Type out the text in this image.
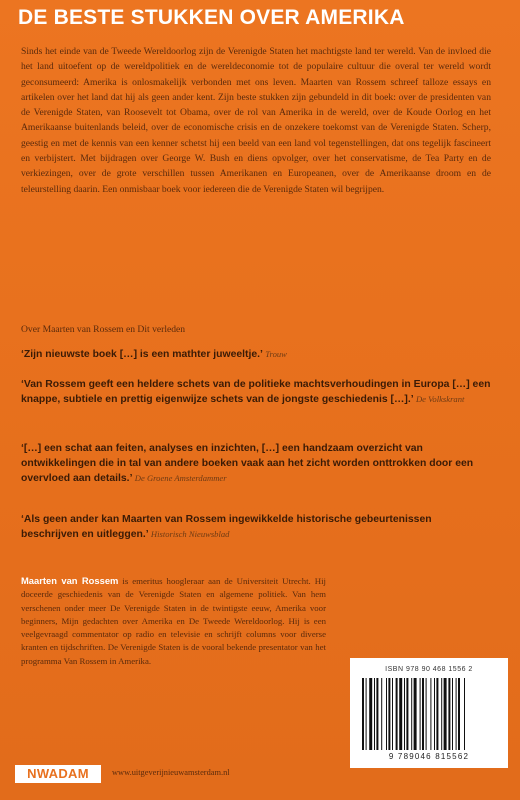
DE BESTE STUKKEN OVER AMERIKA

Sinds het einde van de Tweede Wereldoorlog zijn de Verenigde Staten het machtigste land ter wereld. Van de invloed die het land uitoefent op de wereldpolitiek en de wereldeconomie tot de populaire cultuur die overal ter wereld wordt geconsumeerd: Amerika is onlosmakelijk verbonden met ons leven. Maarten van Rossem schreef talloze essays en artikelen over het land dat hij als geen ander kent. Zijn beste stukken zijn gebundeld in dit boek: over de presidenten van de Verenigde Staten, van Roosevelt tot Obama, over de rol van Amerika in de wereld, over de Koude Oorlog en het Amerikaanse buitenlands beleid, over de economische crisis en de onzekere toekomst van de Verenigde Staten. Scherp, geestig en met de kennis van een kenner schetst hij een beeld van een land vol tegenstellingen, dat ons tegelijk fascineert en verbijstert. Met bijdragen over George W. Bush en diens opvolger, over het conservatisme, de Tea Party en de verkiezingen, over de grote verschillen tussen Amerikanen en Europeanen, over de Amerikaanse droom en de teleurstelling daarin. Een onmisbaar boek voor iedereen die de Verenigde Staten wil begrijpen.

Over Maarten van Rossem en Dit verleden

‘Zijn nieuwste boek […] is een mathter juweeltje.’ Trouw

‘Van Rossem geeft een heldere schets van de politieke machtsverhoudingen in Europa […] een knappe, subtiele en prettig eigenwijze schets van de jongste geschiedenis […].’ De Volkskrant

‘[…] een schat aan feiten, analyses en inzichten, […] een handzaam overzicht van ontwikkelingen die in tal van andere boeken vaak aan het zicht worden onttrokken door een overvloed aan details.’ De Groene Amsterdammer

‘Als geen ander kan Maarten van Rossem ingewikkelde historische gebeurtenissen beschrijven en uitleggen.’ Historisch Nieuwsblad

Maarten van Rossem is emeritus hoogleraar aan de Universiteit Utrecht. Hij doceerde geschiedenis van de Verenigde Staten en algemene politiek. Van hem verschenen onder meer De Verenigde Staten in de twintigste eeuw, Amerika voor beginners, Mijn gedachten over Amerika en De Tweede Wereldoorlog. Hij is een veelgevraagd commentator op radio en televisie en schrijft columns voor diverse kranten en tijdschriften. De Verenigde Staten is de vooral bekende presentator van het programma Van Rossem in Amerika.

ISBN 978 90 468 1556 2
9 789046 815562
NWADAM	www.uitgeverijnieuwamsterdam.nl
